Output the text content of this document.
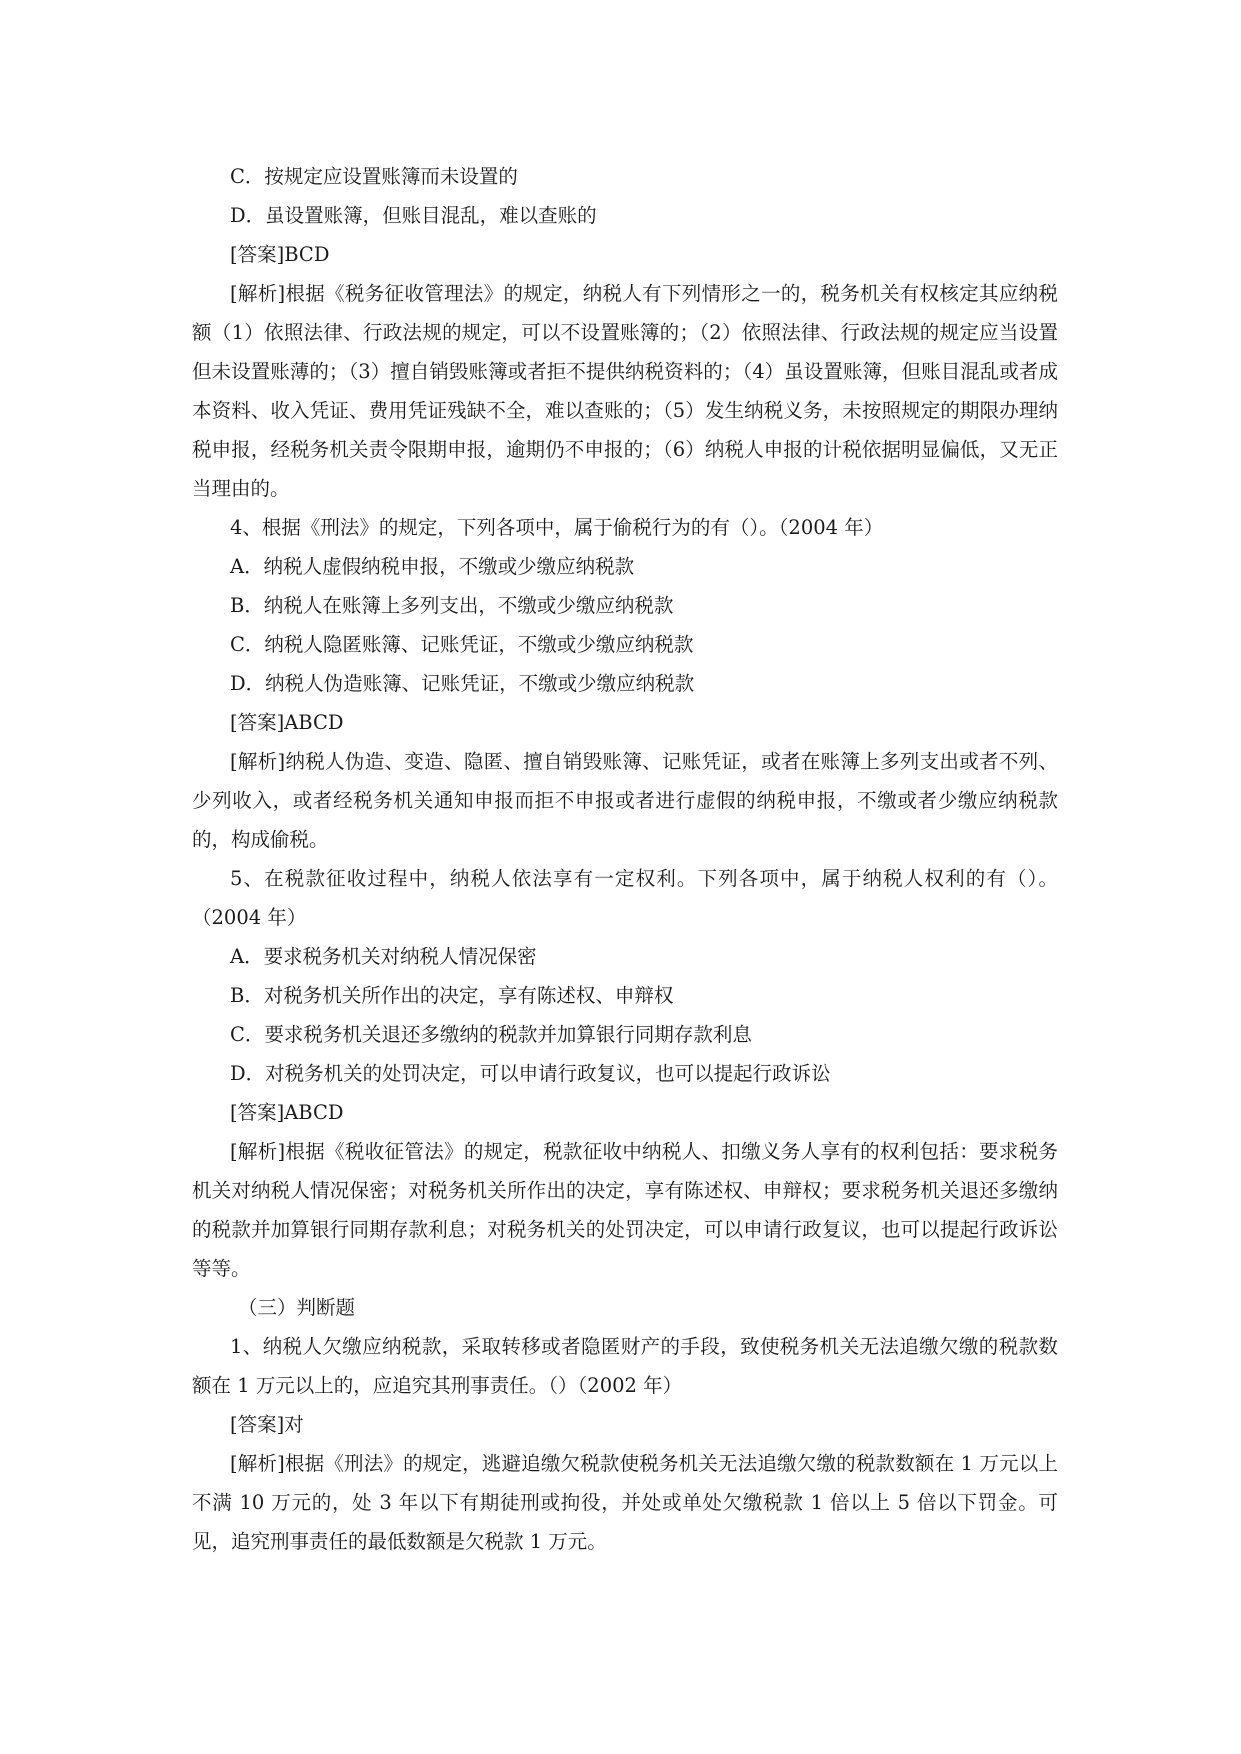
C．按规定应设置账簿而未设置的

D．虽设置账簿，但账目混乱，难以查账的

[答案]BCD

[解析]根据《税务征收管理法》的规定，纳税人有下列情形之一的，税务机关有权核定其应纳税额（1）依照法律、行政法规的规定，可以不设置账簿的；（2）依照法律、行政法规的规定应当设置但未设置账薄的；（3）擅自销毁账簿或者拒不提供纳税资料的；（4）虽设置账簿，但账目混乱或者成本资料、收入凭证、费用凭证残缺不全，难以查账的；（5）发生纳税义务，未按照规定的期限办理纳税申报，经税务机关责令限期申报，逾期仍不申报的；（6）纳税人申报的计税依据明显偏低，又无正当理由的。

4、根据《刑法》的规定，下列各项中，属于偷税行为的有（）。（2004 年）

A．纳税人虚假纳税申报，不缴或少缴应纳税款

B．纳税人在账簿上多列支出，不缴或少缴应纳税款

C．纳税人隐匿账簿、记账凭证，不缴或少缴应纳税款

D．纳税人伪造账簿、记账凭证，不缴或少缴应纳税款

[答案]ABCD

[解析]纳税人伪造、变造、隐匿、擅自销毁账簿、记账凭证，或者在账簿上多列支出或者不列、少列收入，或者经税务机关通知申报而拒不申报或者进行虚假的纳税申报，不缴或者少缴应纳税款的，构成偷税。

5、在税款征收过程中，纳税人依法享有一定权利。下列各项中，属于纳税人权利的有（）。（2004 年）

A．要求税务机关对纳税人情况保密

B．对税务机关所作出的决定，享有陈述权、申辩权

C．要求税务机关退还多缴纳的税款并加算银行同期存款利息

D．对税务机关的处罚决定，可以申请行政复议，也可以提起行政诉讼

[答案]ABCD

[解析]根据《税收征管法》的规定，税款征收中纳税人、扣缴义务人享有的权利包括：要求税务机关对纳税人情况保密；对税务机关所作出的决定，享有陈述权、申辩权；要求税务机关退还多缴纳的税款并加算银行同期存款利息；对税务机关的处罚决定，可以申请行政复议，也可以提起行政诉讼等等。

（三）判断题

1、纳税人欠缴应纳税款，采取转移或者隐匿财产的手段，致使税务机关无法追缴欠缴的税款数额在 1 万元以上的，应追究其刑事责任。（）（2002 年）

[答案]对

[解析]根据《刑法》的规定，逃避追缴欠税款使税务机关无法追缴欠缴的税款数额在 1 万元以上不满 10 万元的，处 3 年以下有期徒刑或拘役，并处或单处欠缴税款 1 倍以上 5 倍以下罚金。可见，追究刑事责任的最低数额是欠税款 1 万元。
